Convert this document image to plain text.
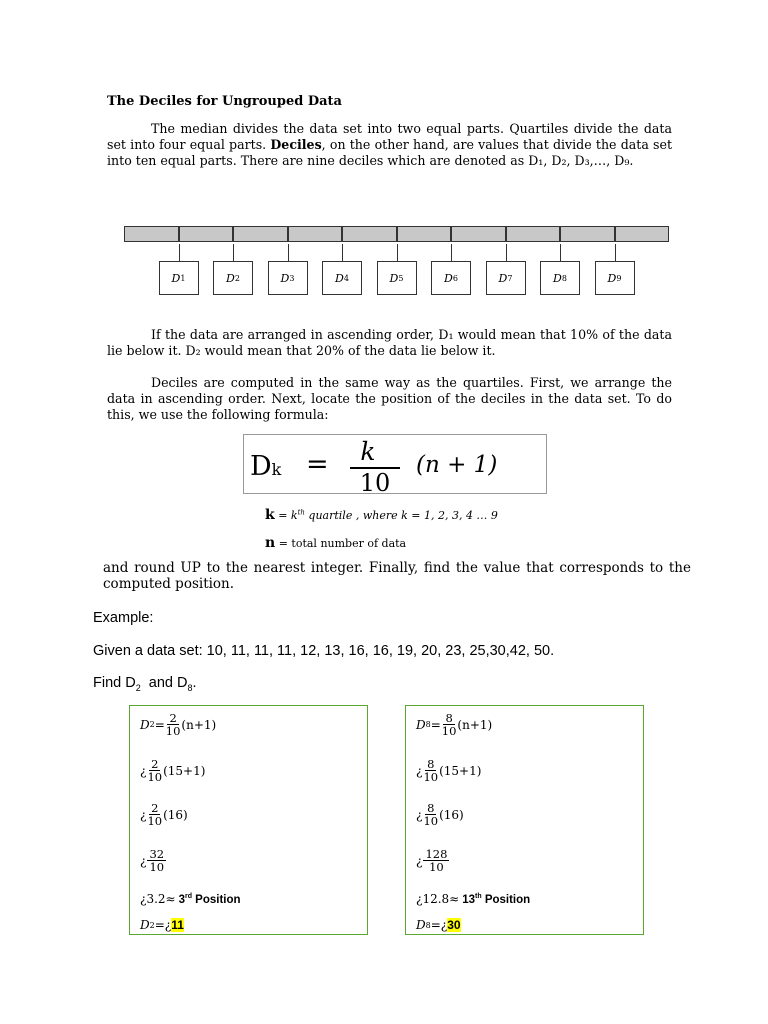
The Deciles for Ungrouped Data
The median divides the data set into two equal parts. Quartiles divide the data set into four equal parts. Deciles, on the other hand, are values that divide the data set into ten equal parts. There are nine deciles which are denoted as D₁, D₂, D₃,…, D₉.
D 1	D 2	D 3	D 4	D 5	D 6	D 7	D 8	D 9
If the data are arranged in ascending order, D₁ would mean that 10% of the data lie below it. D₂ would mean that 20% of the data lie below it.
Deciles are computed in the same way as the quartiles. First, we arrange the data in ascending order. Next, locate the position of the deciles in the data set. To do this, we use the following formula:
Dk =	k
10
(n + 1)
$k = k^{th}$ quartile , where k = 1, 2, 3, 4 … 9
n = total number of data
and round UP to the nearest integer. Finally, find the value that corresponds to the computed position.
Example:
Given a data set: 10, 11, 11, 11, 12, 13, 16, 16, 19, 20, 23, 25,30,42, 50.
Find $D_2$  and $D_8$.
D $2 = \frac{2}{10} (n+1)$
¿ $\frac{2}{10} (15+1)$
¿ $\frac{2}{10} (16)$
¿ $\frac{32}{10}$
¿ 3.2≈ 3rd Position
D 2 =¿ 11
D $8 = \frac{8}{10} (n+1)$
¿ $\frac{8}{10} (15+1)$
¿ $\frac{8}{10} (16)$
¿ $\frac{128}{10}$
¿ 12.8≈ 13th Position
D 8 =¿ 30
